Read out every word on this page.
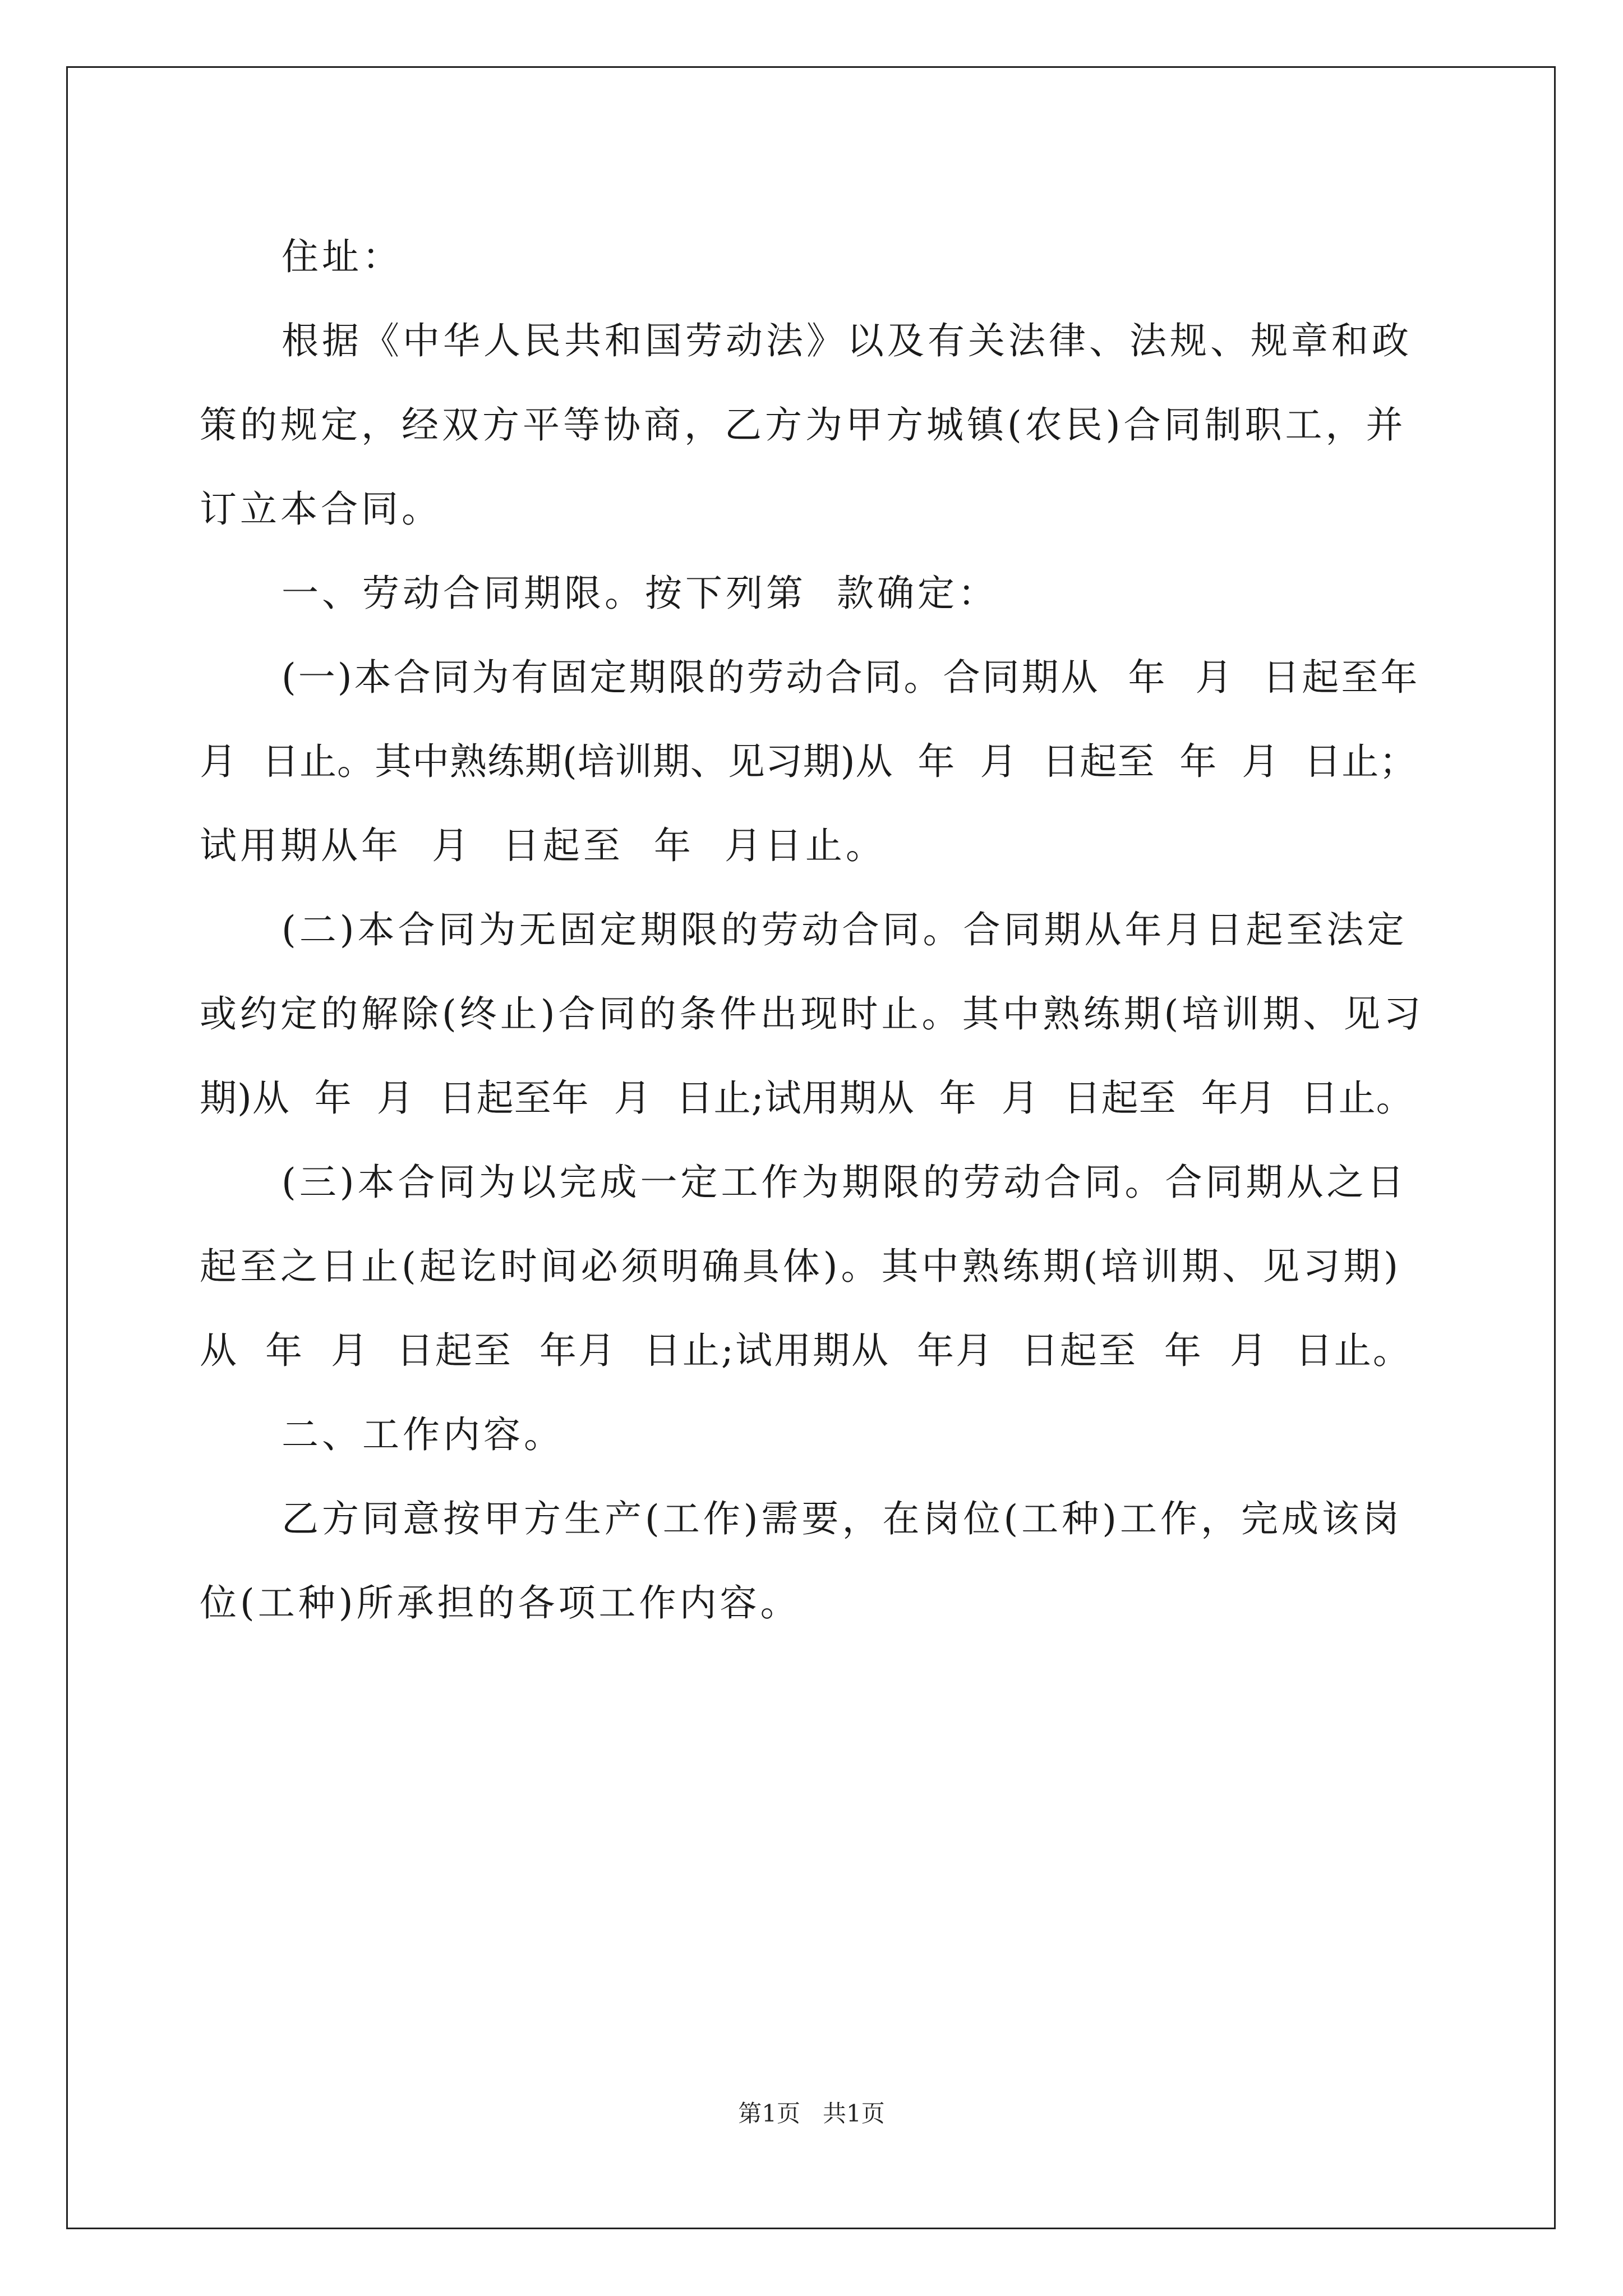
住址：
根据《中华人民共和国劳动法》以及有关法律、法规、规章和政
策的规定，经双方平等协商，乙方为甲方城镇(农民)合同制职工，并
订立本合同。
一、劳动合同期限。按下列第  款确定：
(一)本合同为有固定期限的劳动合同。合同期从  年  月  日起至年
月  日止。其中熟练期(培训期、见习期)从  年  月  日起至  年  月  日止；
试用期从年  月  日起至  年  月日止。
(二)本合同为无固定期限的劳动合同。合同期从年月日起至法定
或约定的解除(终止)合同的条件出现时止。其中熟练期(培训期、见习
期)从  年  月  日起至年  月  日止;试用期从  年  月  日起至  年月  日止。
(三)本合同为以完成一定工作为期限的劳动合同。合同期从之日
起至之日止(起讫时间必须明确具体)。其中熟练期(培训期、见习期)
从  年  月  日起至  年月  日止;试用期从  年月  日起至  年  月  日止。
二、工作内容。
乙方同意按甲方生产(工作)需要，在岗位(工种)工作，完成该岗
位(工种)所承担的各项工作内容。
第1页   共1页
